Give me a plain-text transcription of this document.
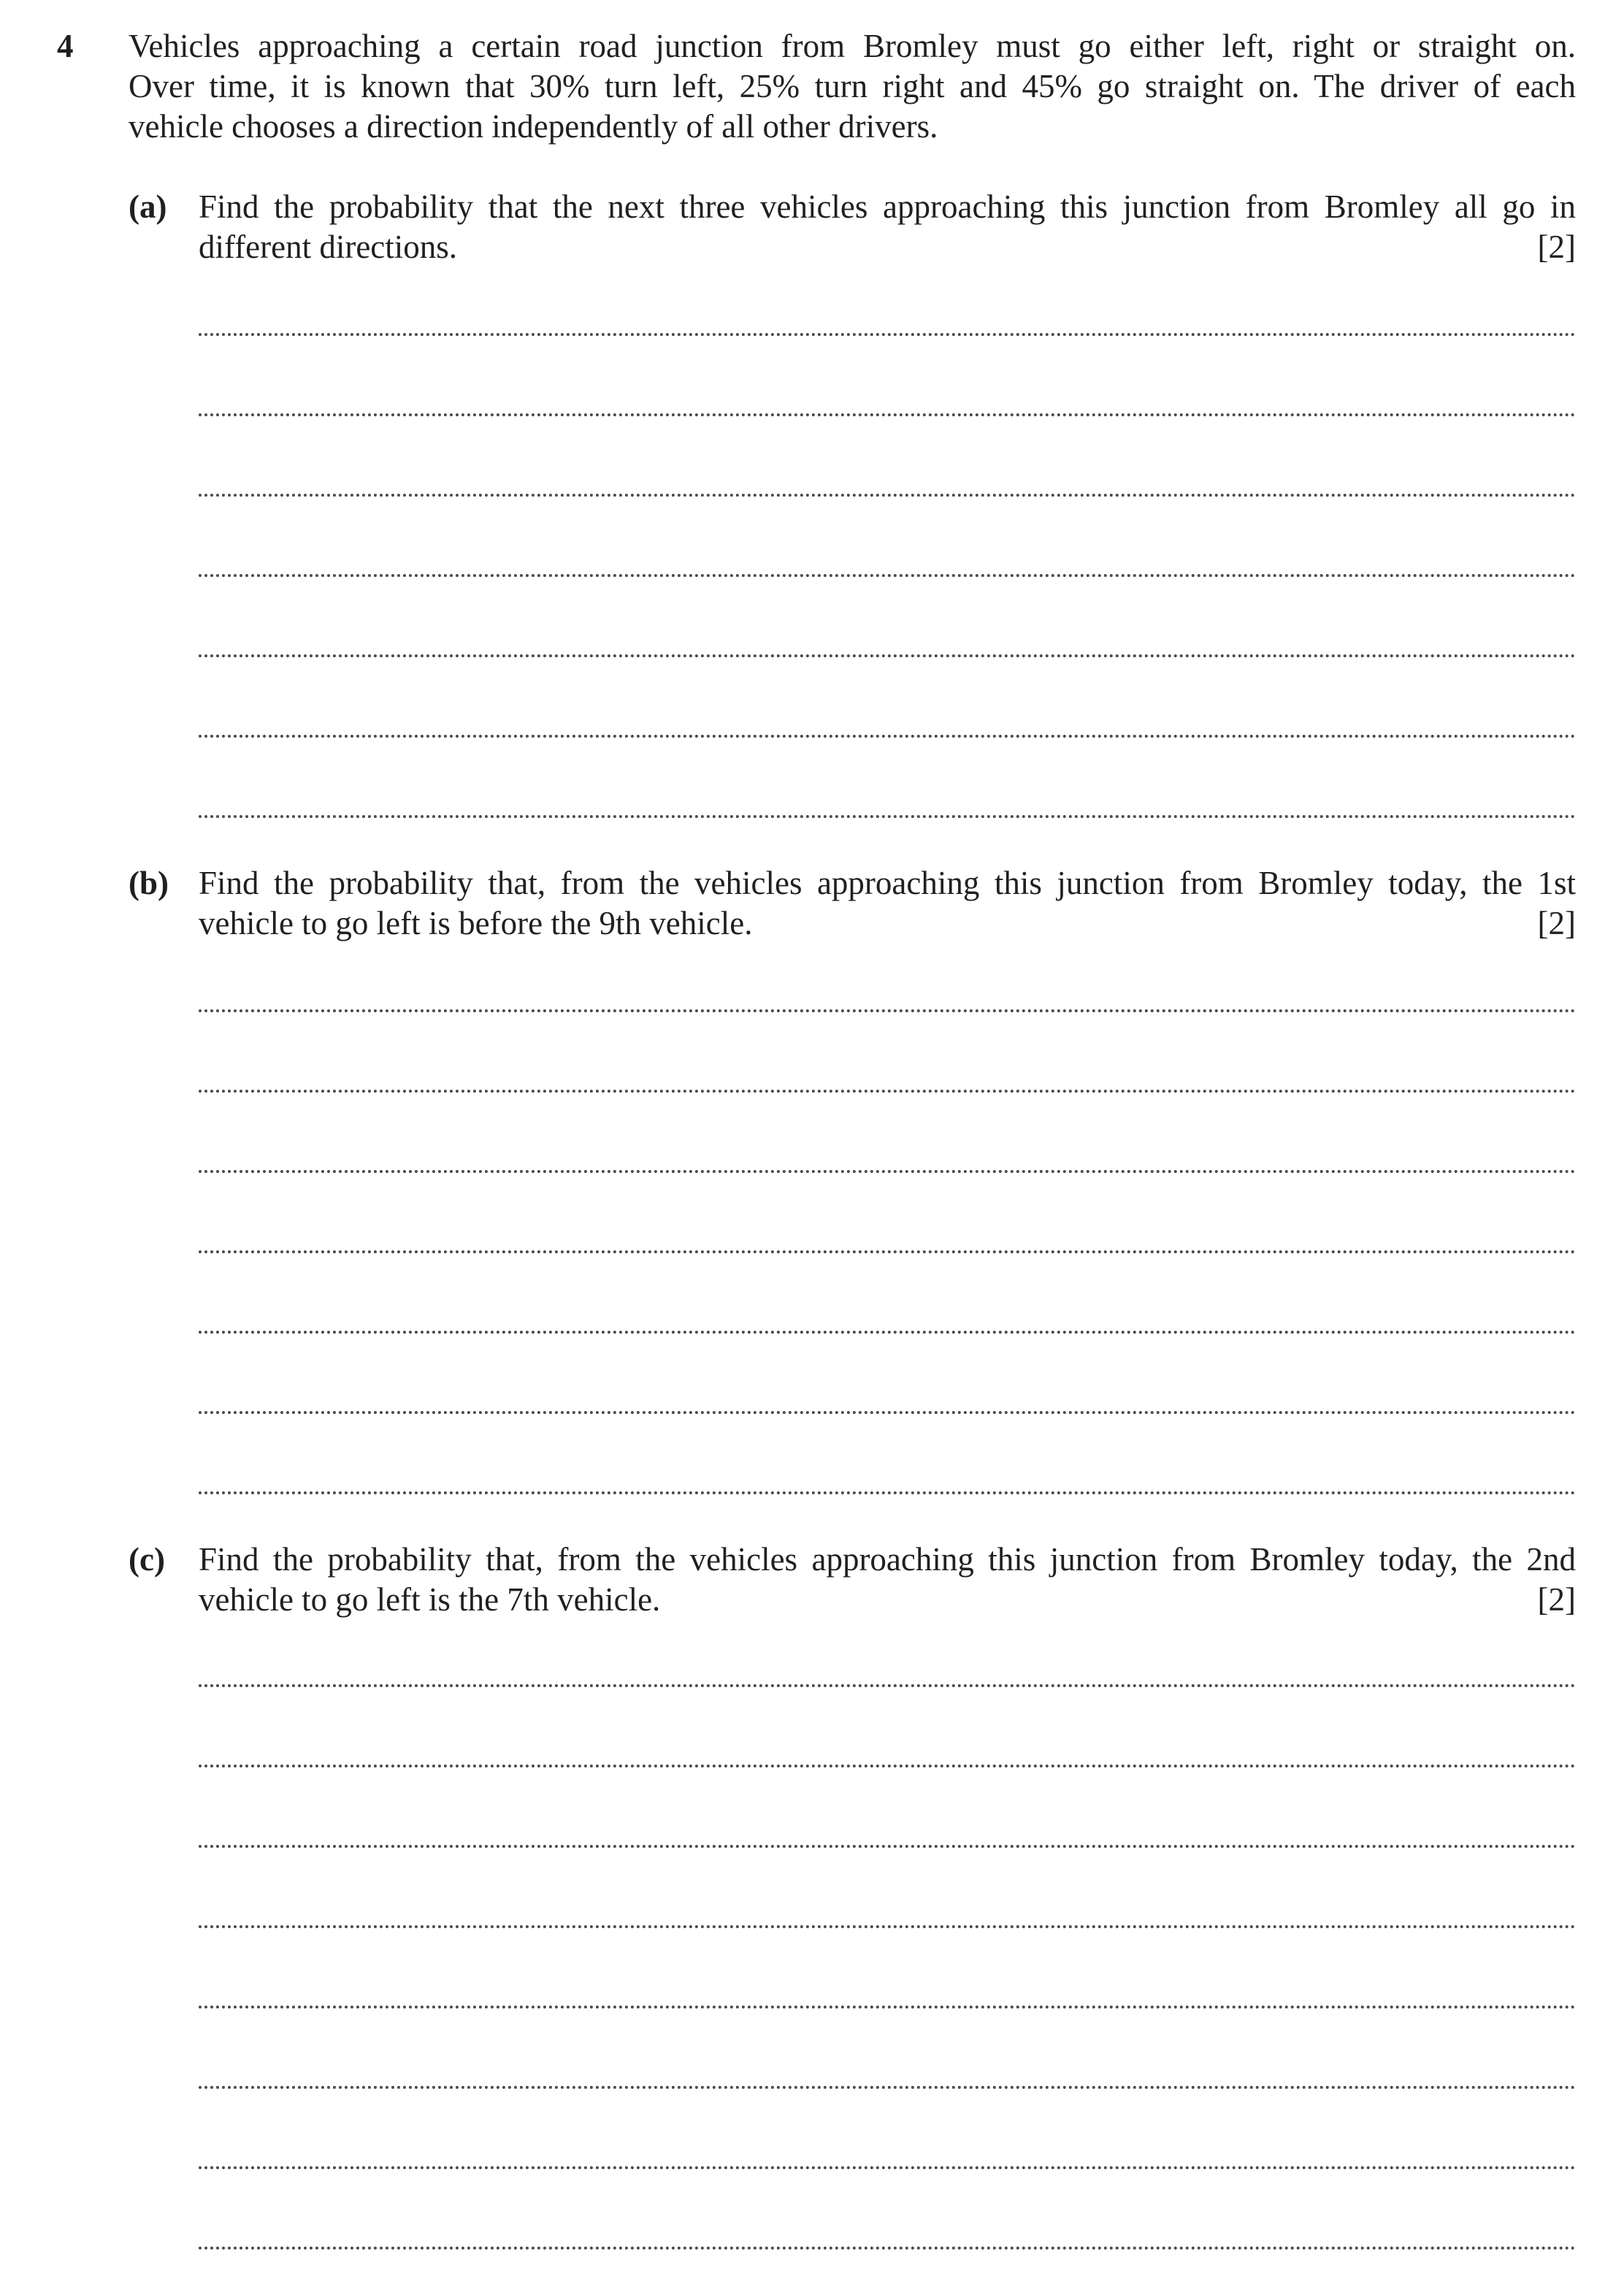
4 Vehicles approaching a certain road junction from Bromley must go either left, right or straight on.
Over time, it is known that 30% turn left, 25% turn right and 45% go straight on. The driver of each
vehicle chooses a direction independently of all other drivers.
(a) Find the probability that the next three vehicles approaching this junction from Bromley all go in
different directions.	[2]
(b) Find the probability that, from the vehicles approaching this junction from Bromley today, the 1st
vehicle to go left is before the 9th vehicle.	[2]
(c) Find the probability that, from the vehicles approaching this junction from Bromley today, the 2nd
vehicle to go left is the 7th vehicle.	[2]
